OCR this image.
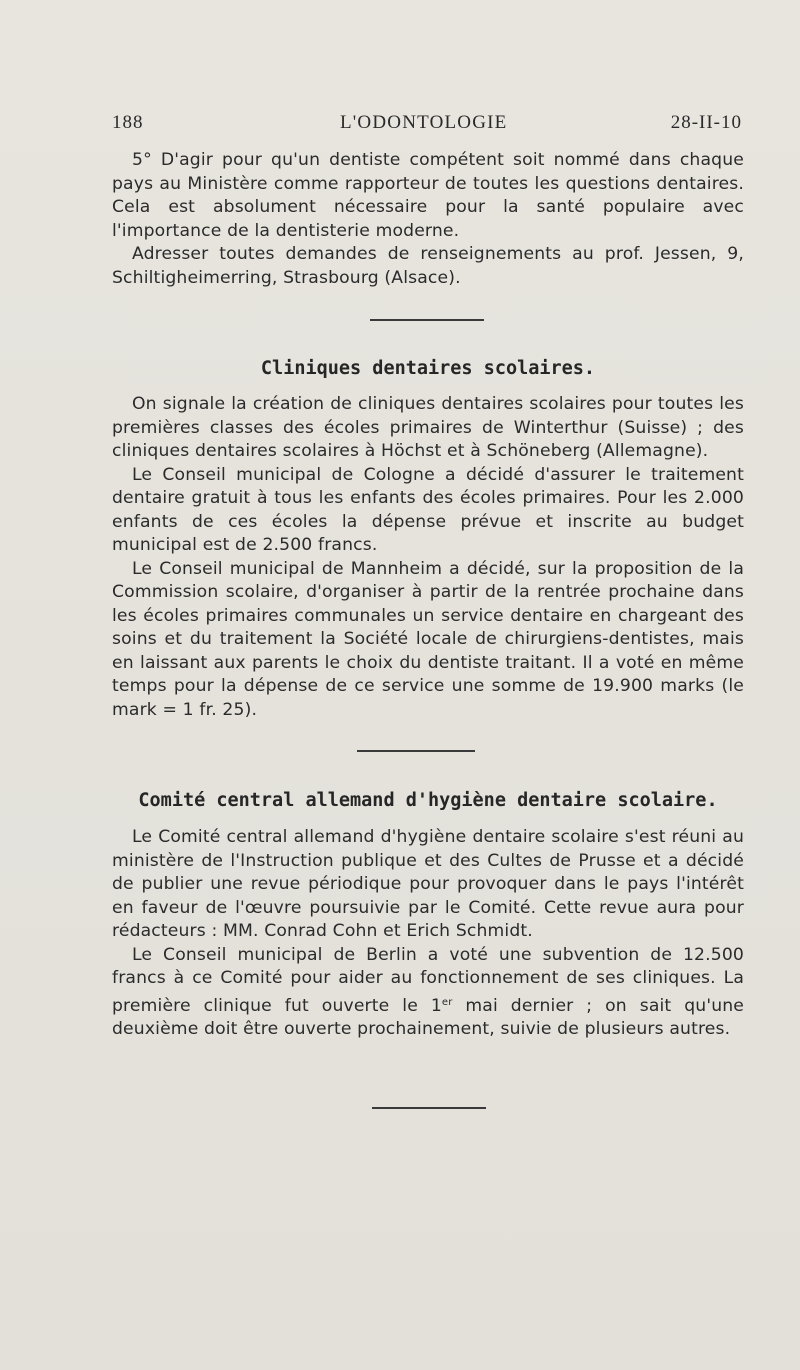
188	L'ODONTOLOGIE	28-II-10

5° D'agir pour qu'un dentiste compétent soit nommé dans chaque pays au Ministère comme rapporteur de toutes les questions dentaires. Cela est absolument nécessaire pour la santé populaire avec l'importance de la dentisterie moderne.

Adresser toutes demandes de renseignements au prof. Jessen, 9, Schiltigheimerring, Strasbourg (Alsace).

Cliniques dentaires scolaires.

On signale la création de cliniques dentaires scolaires pour toutes les premières classes des écoles primaires de Winterthur (Suisse) ; des cliniques dentaires scolaires à Höchst et à Schöneberg (Allemagne).

Le Conseil municipal de Cologne a décidé d'assurer le traitement dentaire gratuit à tous les enfants des écoles primaires. Pour les 2.000 enfants de ces écoles la dépense prévue et inscrite au budget municipal est de 2.500 francs.

Le Conseil municipal de Mannheim a décidé, sur la proposition de la Commission scolaire, d'organiser à partir de la rentrée prochaine dans les écoles primaires communales un service dentaire en chargeant des soins et du traitement la Société locale de chirurgiens-dentistes, mais en laissant aux parents le choix du dentiste traitant. Il a voté en même temps pour la dépense de ce service une somme de 19.900 marks (le mark = 1 fr. 25).

Comité central allemand d'hygiène dentaire scolaire.

Le Comité central allemand d'hygiène dentaire scolaire s'est réuni au ministère de l'Instruction publique et des Cultes de Prusse et a décidé de publier une revue périodique pour provoquer dans le pays l'intérêt en faveur de l'œuvre poursuivie par le Comité. Cette revue aura pour rédacteurs : MM. Conrad Cohn et Erich Schmidt.

Le Conseil municipal de Berlin a voté une subvention de 12.500 francs à ce Comité pour aider au fonctionnement de ses cliniques. La première clinique fut ouverte le 1er mai dernier ; on sait qu'une deuxième doit être ouverte prochainement, suivie de plusieurs autres.
